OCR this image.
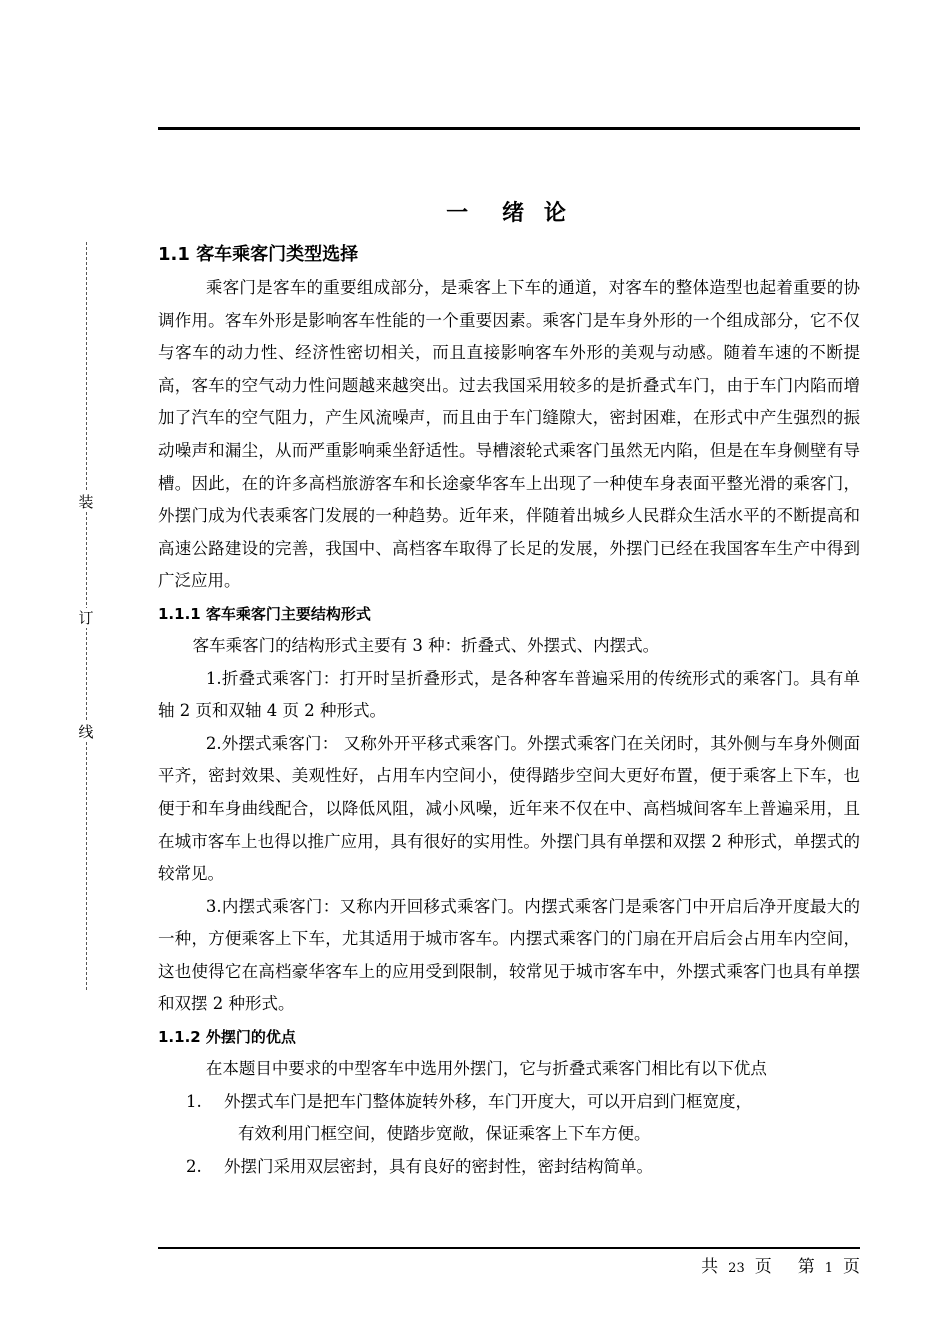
装
订
线
一　绪 论
1.1 客车乘客门类型选择

乘客门是客车的重要组成部分，是乘客上下车的通道，对客车的整体造型也起着重要的协调作用。客车外形是影响客车性能的一个重要因素。乘客门是车身外形的一个组成部分，它不仅与客车的动力性、经济性密切相关，而且直接影响客车外形的美观与动感。随着车速的不断提高，客车的空气动力性问题越来越突出。过去我国采用较多的是折叠式车门，由于车门内陷而增加了汽车的空气阻力，产生风流噪声，而且由于车门缝隙大，密封困难，在形式中产生强烈的振动噪声和漏尘，从而严重影响乘坐舒适性。导槽滚轮式乘客门虽然无内陷，但是在车身侧壁有导槽。因此，在的许多高档旅游客车和长途豪华客车上出现了一种使车身表面平整光滑的乘客门，外摆门成为代表乘客门发展的一种趋势。近年来，伴随着出城乡人民群众生活水平的不断提高和高速公路建设的完善，我国中、高档客车取得了长足的发展，外摆门已经在我国客车生产中得到广泛应用。

1.1.1 客车乘客门主要结构形式

客车乘客门的结构形式主要有 3 种：折叠式、外摆式、内摆式。

1.折叠式乘客门：打开时呈折叠形式，是各种客车普遍采用的传统形式的乘客门。具有单轴 2 页和双轴 4 页 2 种形式。

2.外摆式乘客门： 又称外开平移式乘客门。外摆式乘客门在关闭时，其外侧与车身外侧面平齐，密封效果、美观性好，占用车内空间小，使得踏步空间大更好布置，便于乘客上下车，也便于和车身曲线配合，以降低风阻，减小风噪，近年来不仅在中、高档城间客车上普遍采用，且在城市客车上也得以推广应用，具有很好的实用性。外摆门具有单摆和双摆 2 种形式，单摆式的较常见。

3.内摆式乘客门：又称内开回移式乘客门。内摆式乘客门是乘客门中开启后净开度最大的一种，方便乘客上下车，尤其适用于城市客车。内摆式乘客门的门扇在开启后会占用车内空间，这也使得它在高档豪华客车上的应用受到限制，较常见于城市客车中，外摆式乘客门也具有单摆和双摆 2 种形式。

1.1.2 外摆门的优点

在本题目中要求的中型客车中选用外摆门，它与折叠式乘客门相比有以下优点

1.	外摆式车门是把车门整体旋转外移，车门开度大，可以开启到门框宽度，
有效利用门框空间，使踏步宽敞，保证乘客上下车方便。
2.	外摆门采用双层密封，具有良好的密封性，密封结构简单。
共 23 页 第 1 页
